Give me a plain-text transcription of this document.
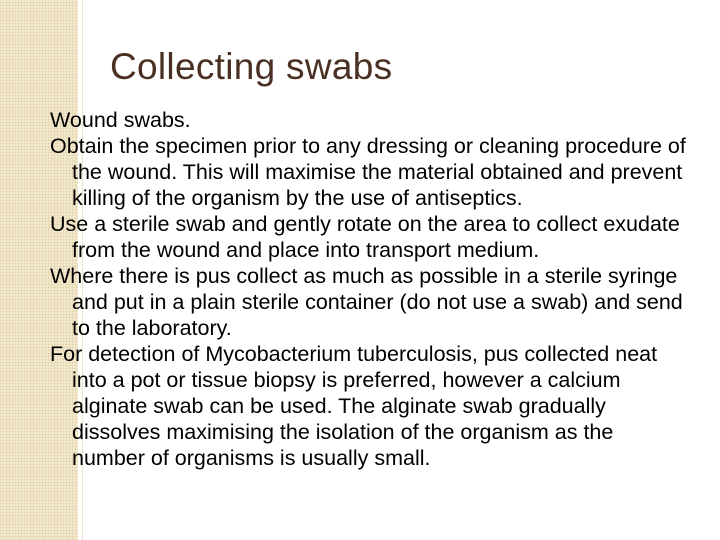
Collecting swabs
Wound swabs.
Obtain the specimen prior to any dressing or cleaning procedure of the wound. This will maximise the material obtained and prevent killing of the organism by the use of antiseptics.
Use a sterile swab and gently rotate on the area to collect exudate from the wound and place into transport medium.
Where there is pus collect as much as possible in a sterile syringe and put in a plain sterile container (do not use a swab) and send to the laboratory.
For detection of Mycobacterium tuberculosis, pus collected neat into a pot or tissue biopsy is preferred, however a calcium alginate swab can be used. The alginate swab gradually dissolves maximising the isolation of the organism as the number of organisms is usually small.
